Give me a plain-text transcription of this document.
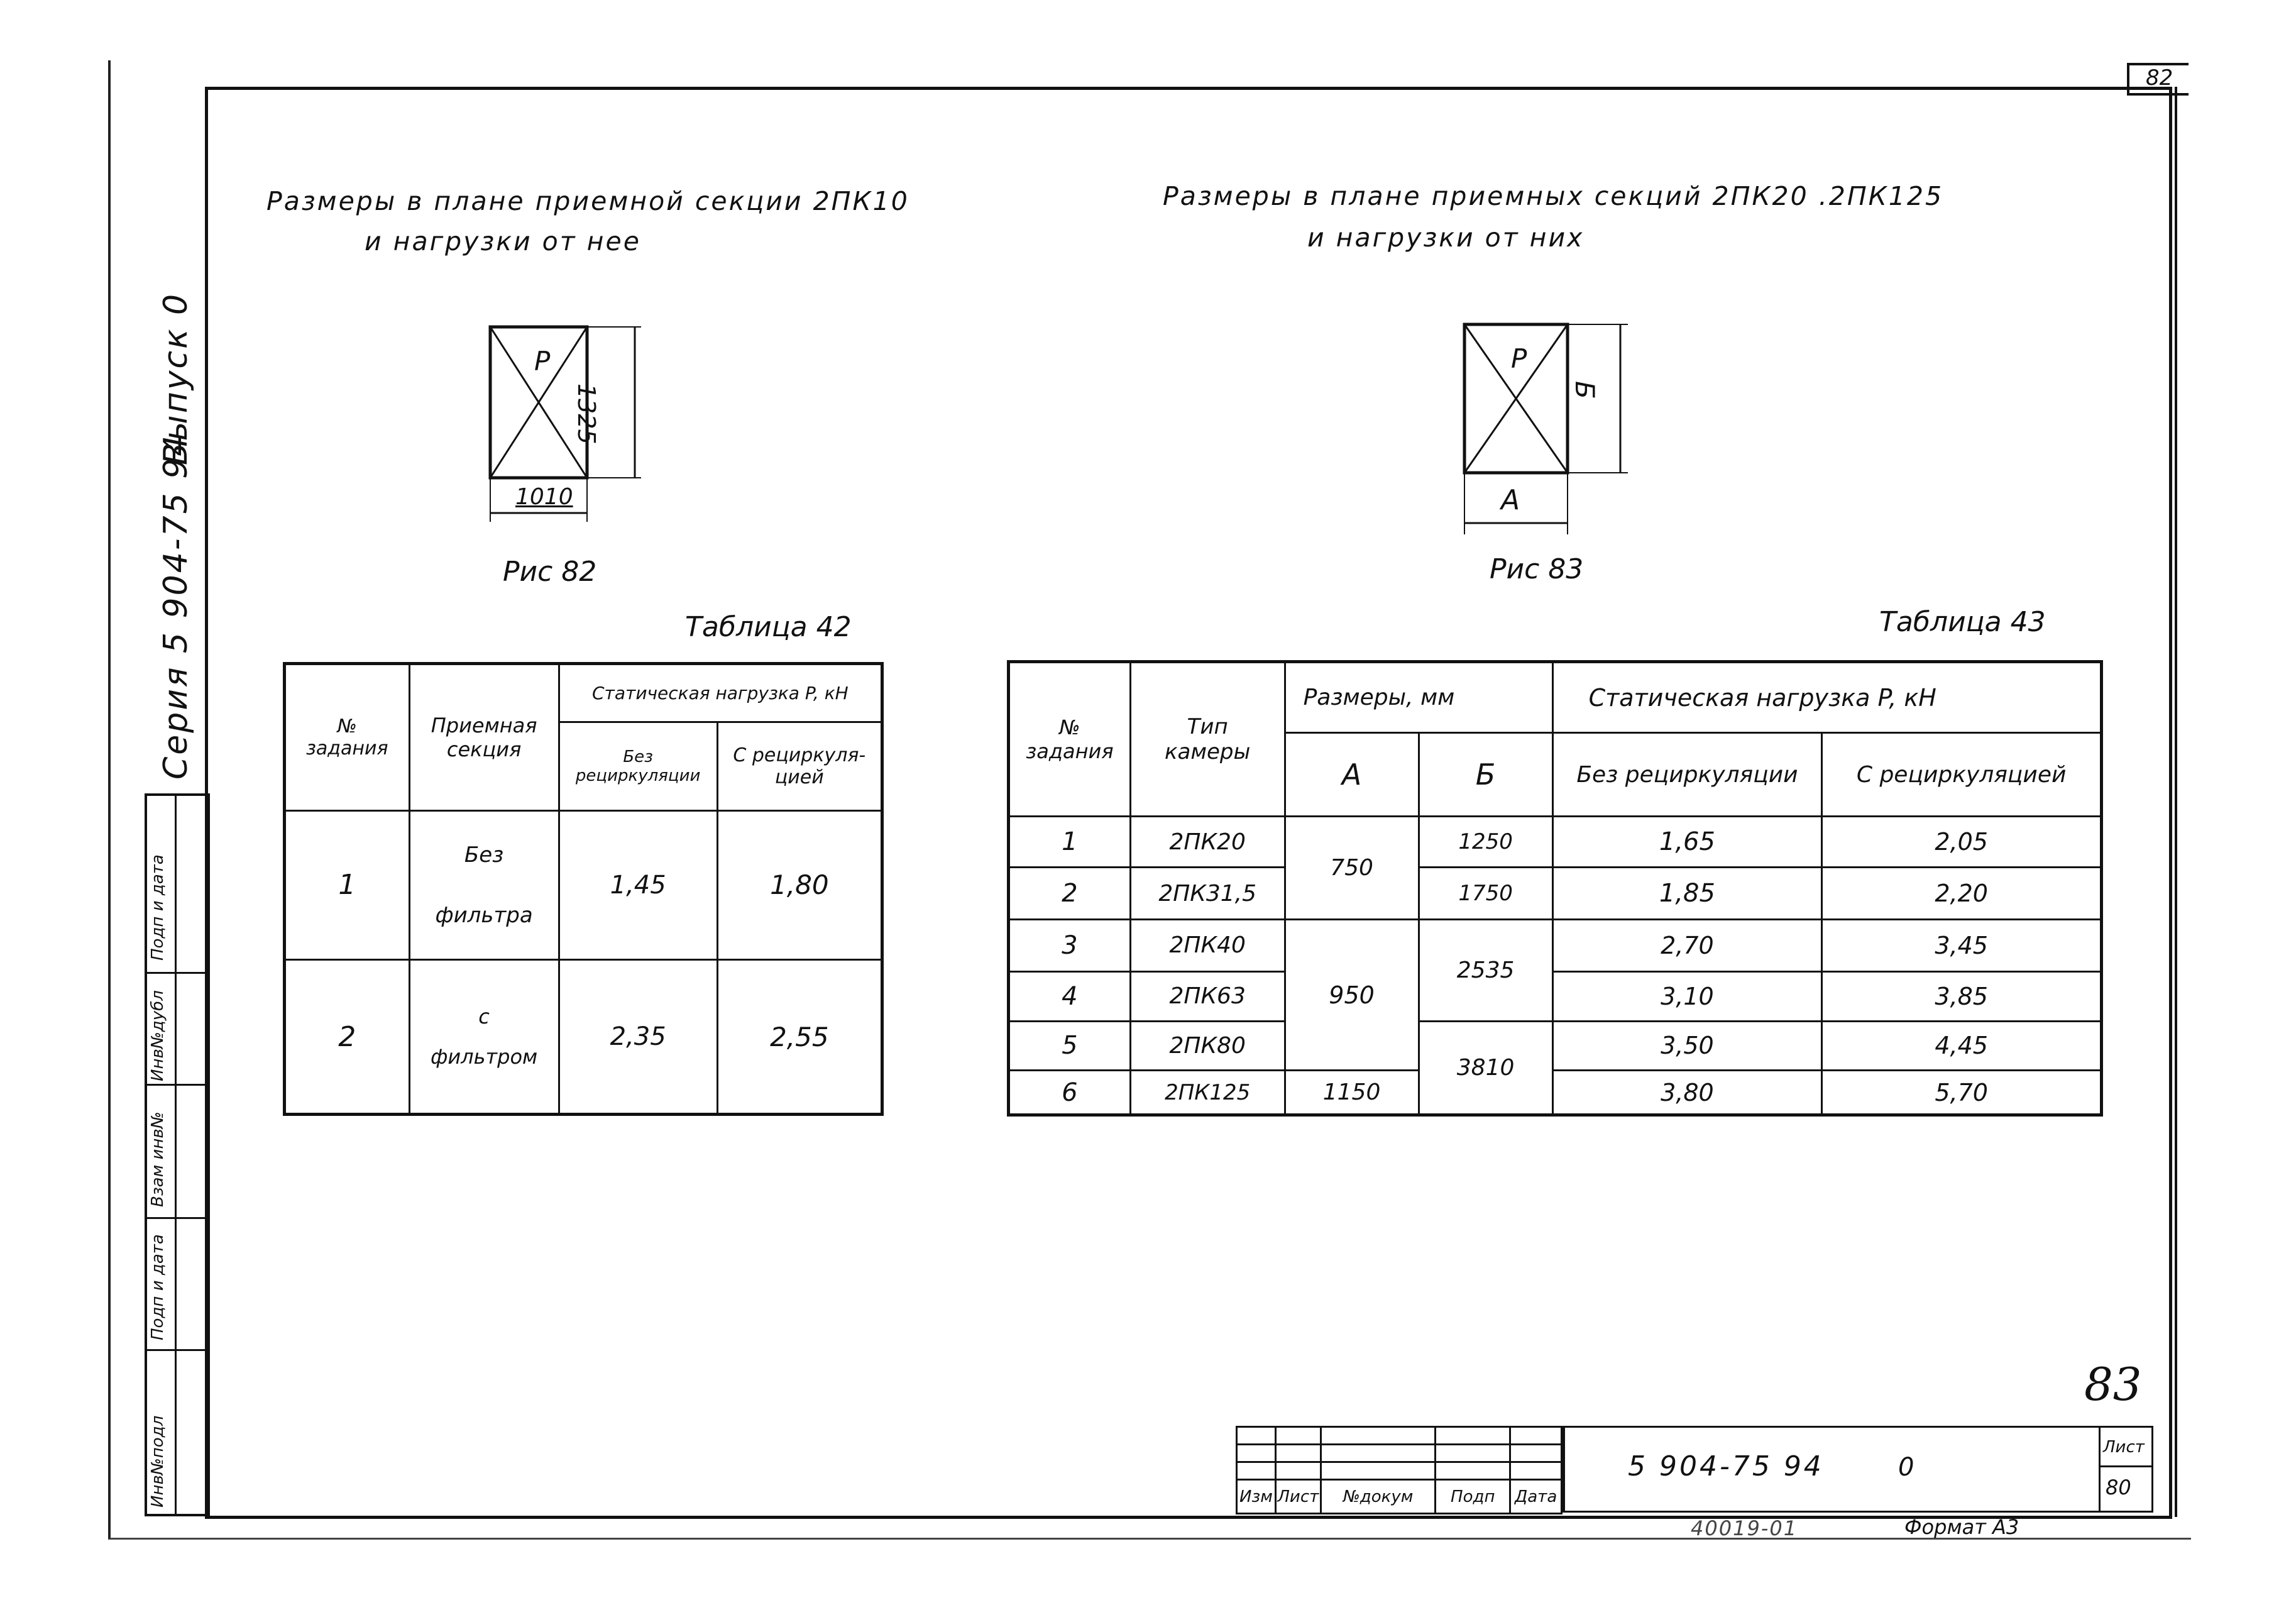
82
Серия 5 904-75 94
Выпуск 0
Инв№подл
Подп и дата
Взам инв№
Инв№дубл
Подп и дата
Размеры в плане приемной секции 2ПК10
и нагрузки от нее
P
1325
1010
Рис 82
Таблица 42
№ задания	Приемная секция	Статическая нагрузка P, кН	
		Без рециркуляции	С рециркуля-цией
1	Без фильтра	1,45	1,80
2	с фильтром	2,35	2,55
Размеры в плане приемных секций 2ПК20 .2ПК125
и нагрузки от них
P
Б
А
Рис 83
Таблица 43
№ задания	Тип камеры	Размеры, мм		Статическая нагрузка P, кН	
		А	Б	Без рециркуляции	С рециркуляцией
1	2ПК20	750	1250	1,65	2,05
2	2ПК31,5		1750	1,85	2,20
3	2ПК40	950	2535	2,70	3,45
4	2ПК63			3,10	3,85
5	2ПК80		3810	3,50	4,45
6	2ПК125	1150		3,80	5,70
83

Изм	Лист	№докум	Подп	Дата
5 904-75 94	0
Лист
80
40019-01	Формат А3
